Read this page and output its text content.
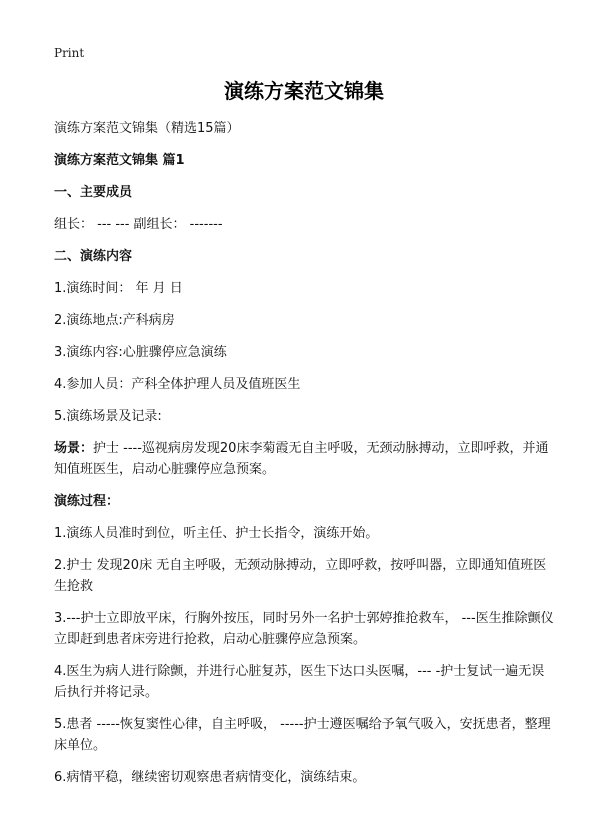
Print
演练方案范文锦集

演练方案范文锦集（精选15篇）

演练方案范文锦集 篇1

一、主要成员

组长： --- --- 副组长： -------

二、演练内容

1.演练时间： 年 月 日

2.演练地点:产科病房

3.演练内容:心脏骤停应急演练

4.参加人员：产科全体护理人员及值班医生

5.演练场景及记录:

场景：护士 ----巡视病房发现20床李菊霞无自主呼吸，无颈动脉搏动，立即呼救，并通知值班医生，启动心脏骤停应急预案。

演练过程：

1.演练人员准时到位，听主任、护士长指令，演练开始。

2.护士 发现20床 无自主呼吸，无颈动脉搏动，立即呼救，按呼叫器，立即通知值班医生抢救

3.---护士立即放平床，行胸外按压，同时另外一名护士郭婷推抢救车， ---医生推除颤仪立即赶到患者床旁进行抢救，启动心脏骤停应急预案。

4.医生为病人进行除颤，并进行心脏复苏，医生下达口头医嘱，--- -护士复试一遍无误后执行并将记录。

5.患者 -----恢复窦性心律，自主呼吸， -----护士遵医嘱给予氧气吸入，安抚患者，整理床单位。

6.病情平稳，继续密切观察患者病情变化，演练结束。
